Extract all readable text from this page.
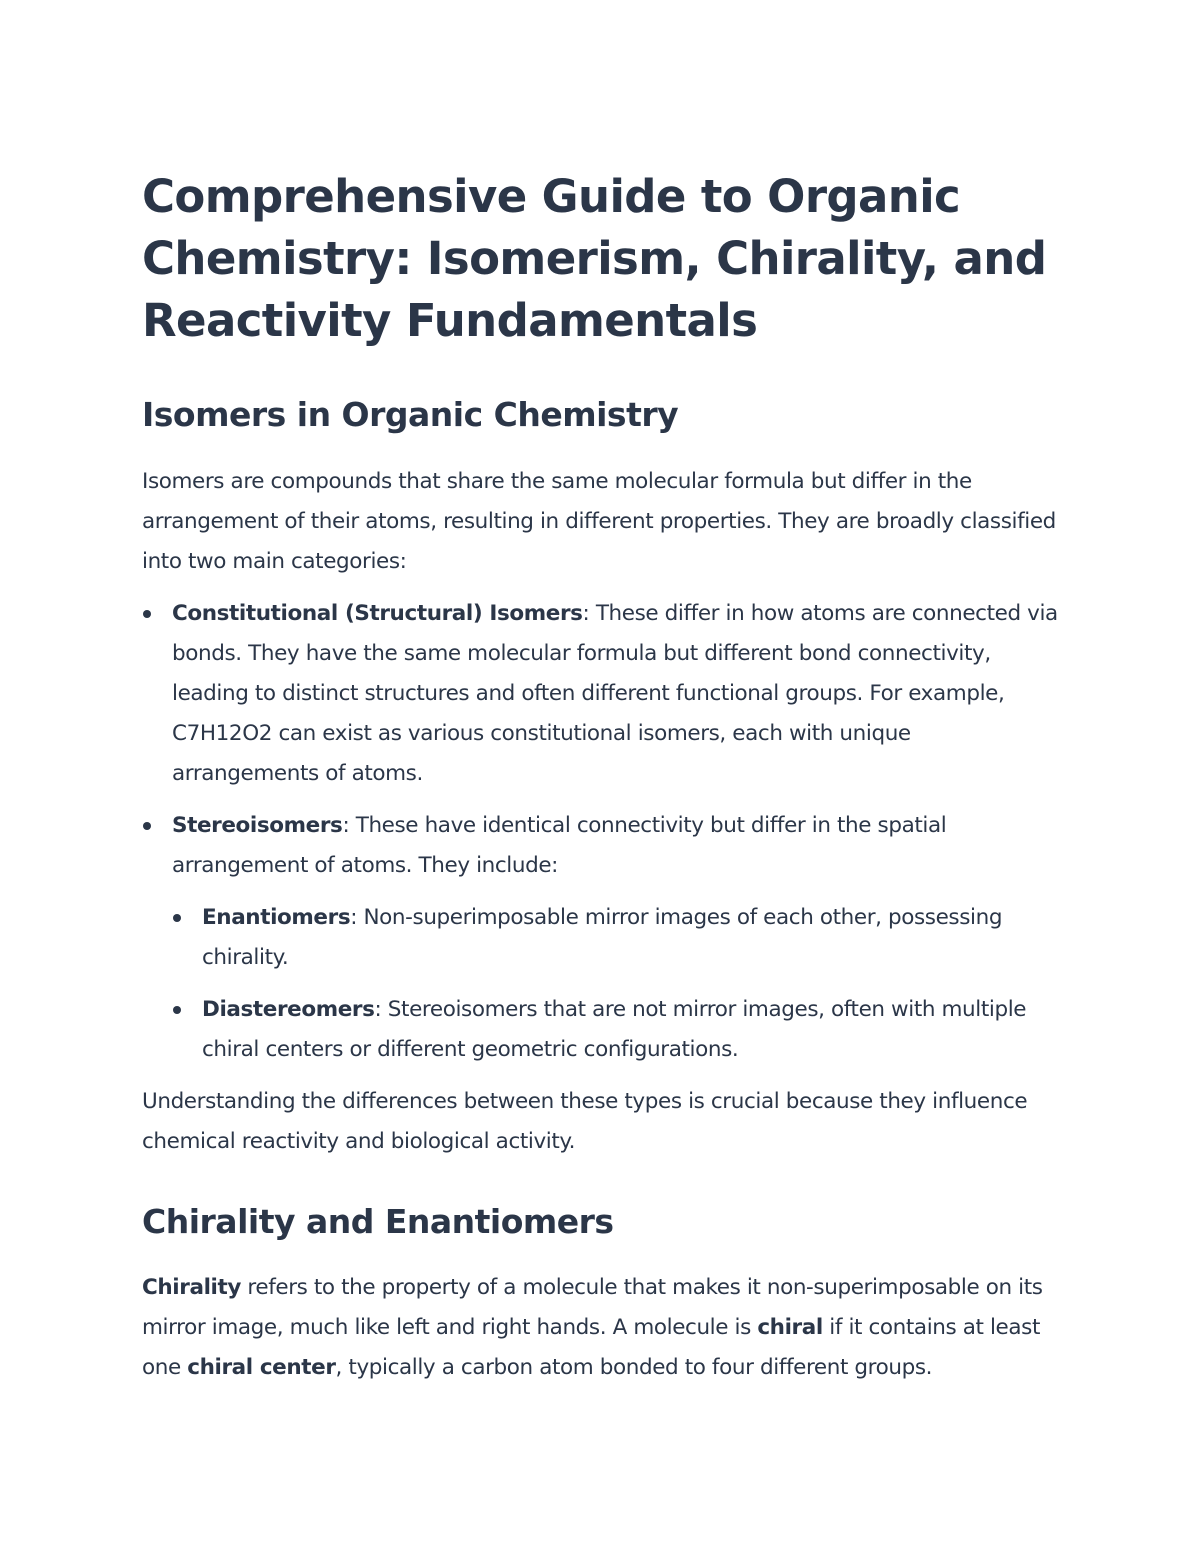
Comprehensive Guide to Organic Chemistry: Isomerism, Chirality, and Reactivity Fundamentals
Isomers in Organic Chemistry

Isomers are compounds that share the same molecular formula but differ in the arrangement of their atoms, resulting in different properties. They are broadly classified into two main categories:

Constitutional (Structural) Isomers: These differ in how atoms are connected via bonds. They have the same molecular formula but different bond connectivity, leading to distinct structures and often different functional groups. For example, C7H12O2 can exist as various constitutional isomers, each with unique arrangements of atoms.
Stereoisomers: These have identical connectivity but differ in the spatial arrangement of atoms. They include:
Enantiomers: Non-superimposable mirror images of each other, possessing chirality.
Diastereomers: Stereoisomers that are not mirror images, often with multiple chiral centers or different geometric configurations.

Understanding the differences between these types is crucial because they influence chemical reactivity and biological activity.

Chirality and Enantiomers

Chirality refers to the property of a molecule that makes it non-superimposable on its mirror image, much like left and right hands. A molecule is chiral if it contains at least one chiral center, typically a carbon atom bonded to four different groups.
